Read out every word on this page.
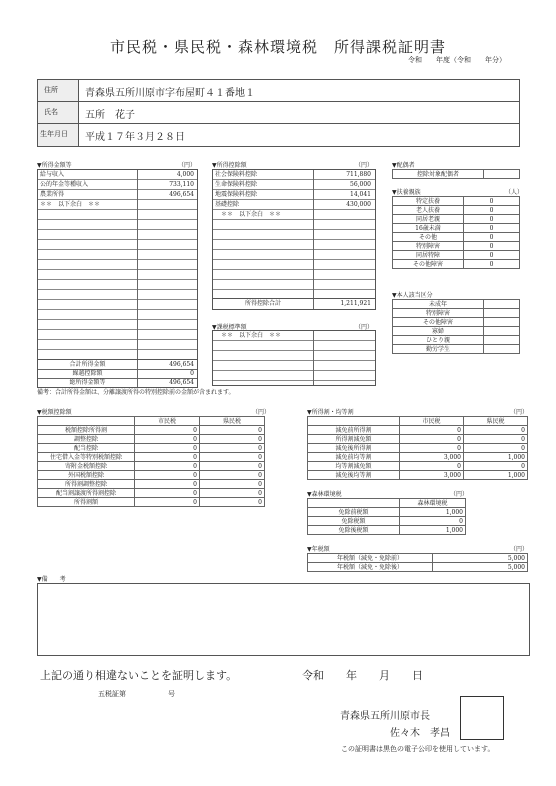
市民税・県民税・森林環境税　所得課税証明書
令和　　年度（令和　　年分）
住所	青森県五所川原市字布屋町４１番地１
氏名	五所　花子
生年月日 平成１７年３月２８日
▼所得金額等	（円）
給与収入	4,000
公的年金等種収入	733,110
農業所得	496,654
＊＊　以下余白　＊＊
合計所得金額	496,654
繰越控除額	0
総所得金額等	496,654
備考：合計所得金額は、分離譲渡所得の特別控除前の金額が含まれます。
▼所得控除額	（円）
社会保険料控除	711,880
生命保険料控除	56,000
地震保険料控除	14,041
基礎控除	430,000
＊＊　以下余白　＊＊
所得控除合計	1,211,921
▼課税標準額	（円）
＊＊　以下余白　＊＊
▼配偶者
控除対象配偶者	
▼扶養親族	（人）
特定扶養	0
老人扶養	0
同居老親	0
16歳未満	0
その他	0
特別障害	0
同居特障	0
その他障害	0
▼本人該当区分
未成年	
特別障害	
その他障害	
寡婦	
ひとり親	
勤労学生	
▼税額控除額	（円）
	市民税	県民税
税額控除所得割	0	0
調整控除	0	0
配当控除	0	0
住宅借入金等特別税額控除	0	0
寄附金税額控除	0	0
外国税額控除	0	0
所得割調整控除	0	0
配当割譲渡所得割控除	0	0
所得割額	0	0
▼所得割・均等割	（円）
	市民税	県民税
減免前所得割	0	0
所得割減免額	0	0
減免後所得割	0	0
減免前均等割	3,000	1,000
均等割減免額	0	0
減免後均等割	3,000	1,000
▼森林環境税	（円）
	森林環境税
免除前税額	1,000
免除税額	0
免除後税額	1,000
▼年税額	（円）
年税額（減免・免除前）	5,000
年税額（減免・免除後）	5,000
▼備　　考
上記の通り相違ないことを証明します。	令和　　年　　月　　日
五税証第　　　　　　号
青森県五所川原市長
佐々木　孝昌
この証明書は黒色の電子公印を使用しています。
